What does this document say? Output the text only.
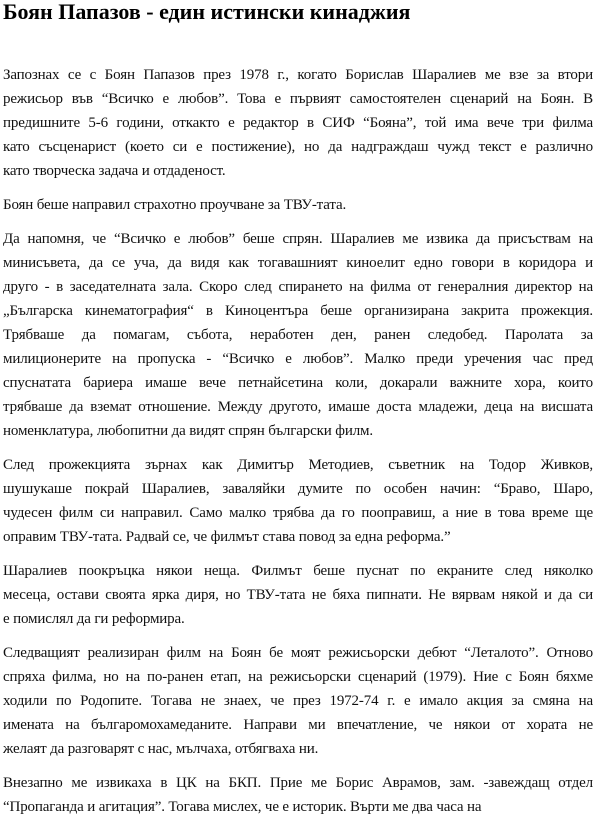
Боян Папазов - един истински кинаджия

Запознах се с Боян Папазов през 1978 г., когато Борислав Шаралиев ме взе за втори
режисьор във “Всичко е любов”. Това е първият самостоятелен сценарий на Боян. В
предишните 5-6 години, откакто е редактор в СИФ “Бояна”, той има вече три филма
като съсценарист (което си е постижение), но да надграждаш чужд текст е различно
като творческа задача и отдаденост.

Боян беше направил страхотно проучване за ТВУ-тата.

Да напомня, че “Всичко е любов” беше спрян. Шаралиев ме извика да присъствам на
минисъвета, да се уча, да видя как тогавашният киноелит едно говори в коридора и
друго - в заседателната зала. Скоро след спирането на филма от генералния директор на
„Българска кинематография“ в Киноцентъра беше организирана закрита прожекция.
Трябваше да помагам, събота, неработен ден, ранен следобед. Паролата за
милиционерите на пропуска - “Всичко е любов”. Малко преди уречения час пред
спуснатата бариера имаше вече петнайсетина коли, докарали важните хора, които
трябваше да вземат отношение. Между другото, имаше доста младежи, деца на висшата
номенклатура, любопитни да видят спрян български филм.

След прожекцията зърнах как Димитър Методиев, съветник на Тодор Живков,
шушукаше покрай Шаралиев, заваляйки думите по особен начин: “Браво, Шаро,
чудесен филм си направил. Само малко трябва да го пооправиш, а ние в това време ще
оправим ТВУ-тата. Радвай се, че филмът става повод за една реформа.”

Шаралиев поокръцка някои неща. Филмът беше пуснат по екраните след няколко
месеца, остави своята ярка диря, но ТВУ-тата не бяха пипнати. Не вярвам някой и да си
е помислял да ги реформира.

Следващият реализиран филм на Боян бе моят режисьорски дебют “Леталото”. Отново
спряха филма, но на по-ранен етап, на режисьорски сценарий (1979). Ние с Боян бяхме
ходили по Родопите. Тогава не знаех, че през 1972-74 г. е имало акция за смяна на
имената на българомохамеданите. Направи ми впечатление, че някои от хората не
желаят да разговарят с нас, мълчаха, отбягваха ни.

Внезапно ме извикаха в ЦК на БКП. Прие ме Борис Аврамов, зам. -завеждащ отдел
“Пропаганда и агитация”. Тогава мислех, че е историк. Върти ме два часа на
